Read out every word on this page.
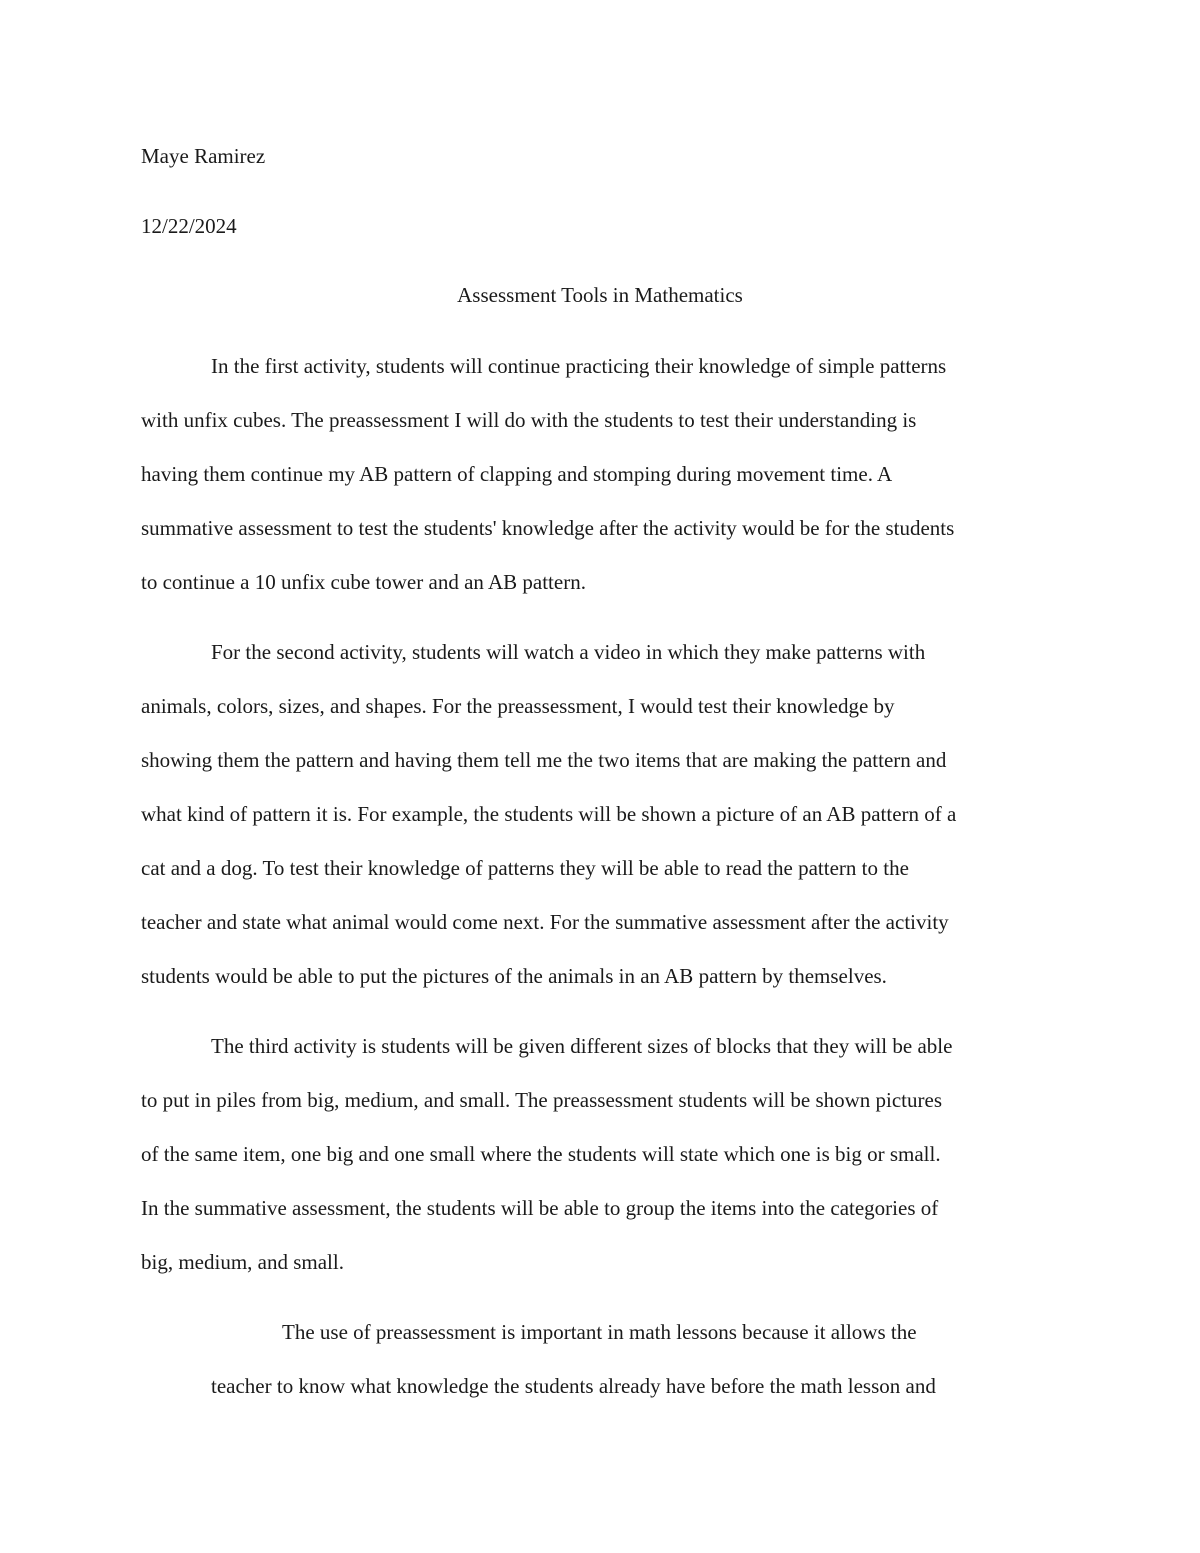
Maye Ramirez

12/22/2024

Assessment Tools in Mathematics

In the first activity, students will continue practicing their knowledge of simple patterns

with unfix cubes. The preassessment I will do with the students to test their understanding is

having them continue my AB pattern of clapping and stomping during movement time. A

summative assessment to test the students' knowledge after the activity would be for the students

to continue a 10 unfix cube tower and an AB pattern.

For the second activity, students will watch a video in which they make patterns with

animals, colors, sizes, and shapes. For the preassessment, I would test their knowledge by

showing them the pattern and having them tell me the two items that are making the pattern and

what kind of pattern it is. For example, the students will be shown a picture of an AB pattern of a

cat and a dog. To test their knowledge of patterns they will be able to read the pattern to the

teacher and state what animal would come next. For the summative assessment after the activity

students would be able to put the pictures of the animals in an AB pattern by themselves.

The third activity is students will be given different sizes of blocks that they will be able

to put in piles from big, medium, and small. The preassessment students will be shown pictures

of the same item, one big and one small where the students will state which one is big or small.

In the summative assessment, the students will be able to group the items into the categories of

big, medium, and small.

The use of preassessment is important in math lessons because it allows the

teacher to know what knowledge the students already have before the math lesson and
